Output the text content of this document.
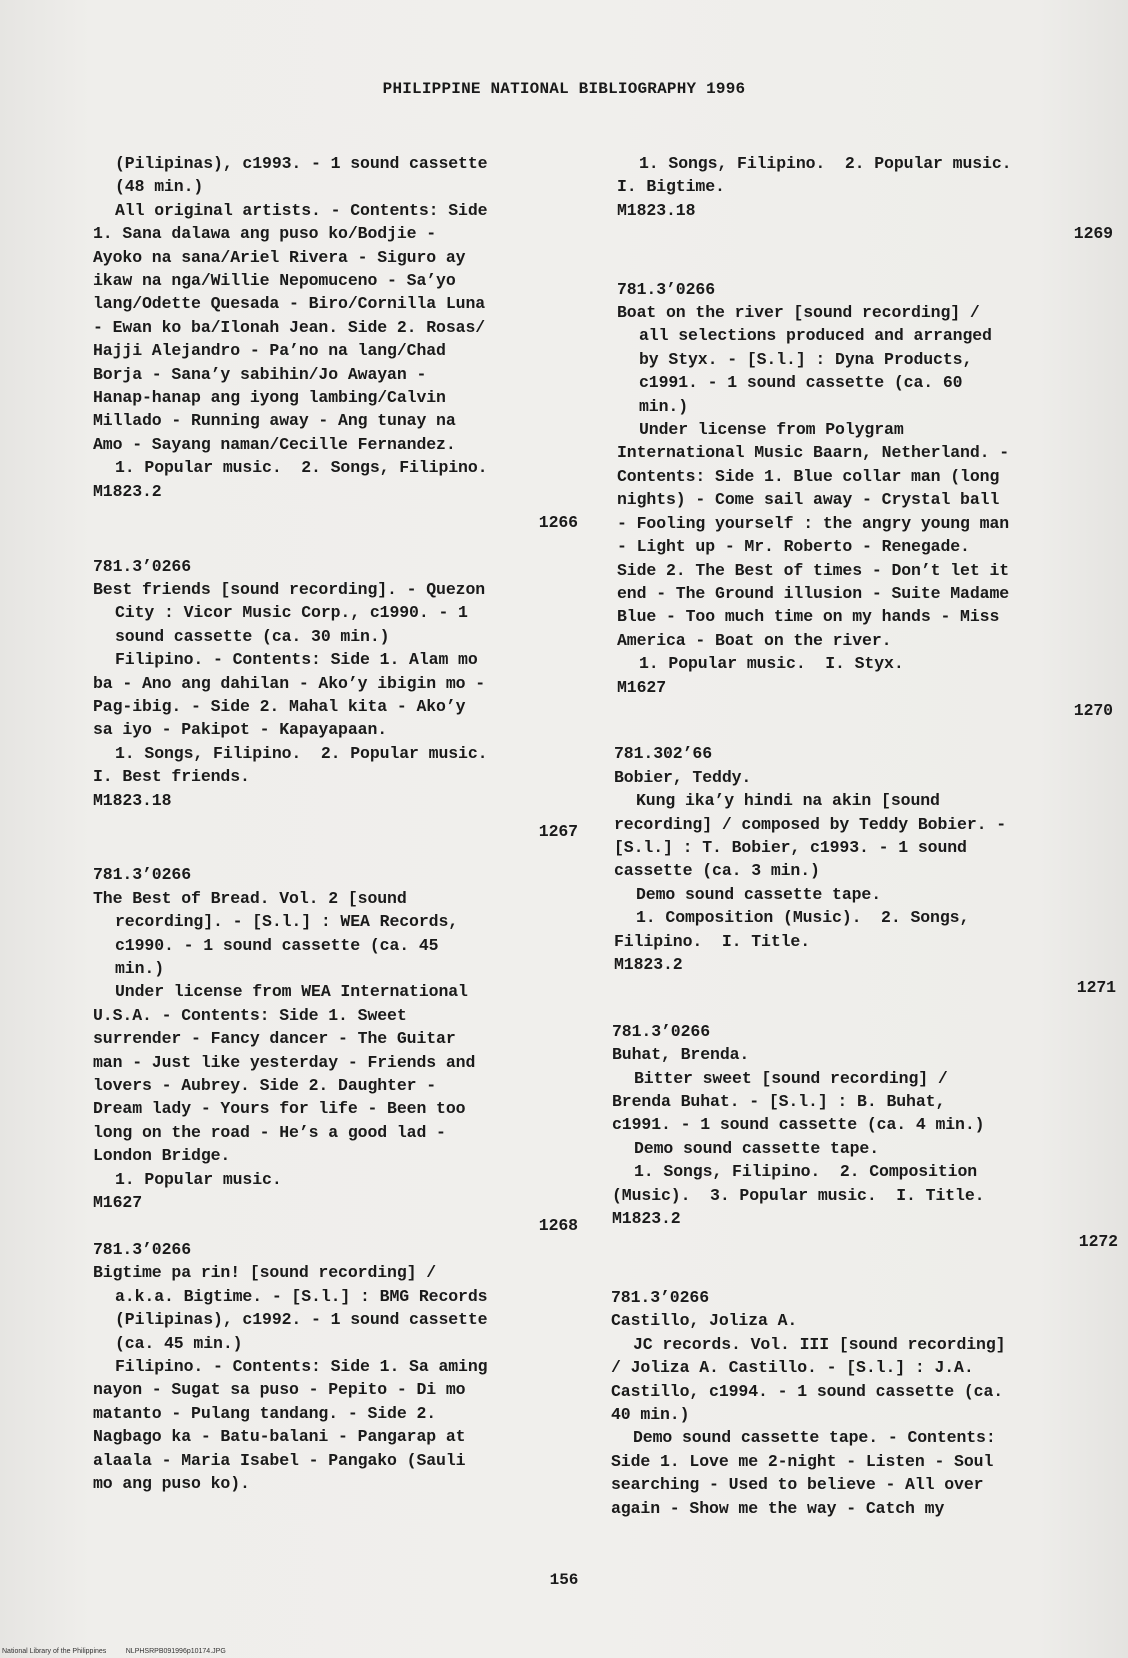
PHILIPPINE NATIONAL BIBLIOGRAPHY 1996
(Pilipinas), c1993. - 1 sound cassette
(48 min.)
All original artists. - Contents: Side
1. Sana dalawa ang puso ko/Bodjie -
Ayoko na sana/Ariel Rivera - Siguro ay
ikaw na nga/Willie Nepomuceno - Sa’yo
lang/Odette Quesada - Biro/Cornilla Luna
- Ewan ko ba/Ilonah Jean. Side 2. Rosas/
Hajji Alejandro - Pa’no na lang/Chad
Borja - Sana’y sabihin/Jo Awayan -
Hanap-hanap ang iyong lambing/Calvin
Millado - Running away - Ang tunay na
Amo - Sayang naman/Cecille Fernandez.
1. Popular music.  2. Songs, Filipino.
M1823.2
1266
781.3’0266
Best friends [sound recording]. - Quezon
City : Vicor Music Corp., c1990. - 1
sound cassette (ca. 30 min.)
Filipino. - Contents: Side 1. Alam mo
ba - Ano ang dahilan - Ako’y ibigin mo -
Pag-ibig. - Side 2. Mahal kita - Ako’y
sa iyo - Pakipot - Kapayapaan.
1. Songs, Filipino.  2. Popular music.
I. Best friends.
M1823.18
1267
781.3’0266
The Best of Bread. Vol. 2 [sound
recording]. - [S.l.] : WEA Records,
c1990. - 1 sound cassette (ca. 45
min.)
Under license from WEA International
U.S.A. - Contents: Side 1. Sweet
surrender - Fancy dancer - The Guitar
man - Just like yesterday - Friends and
lovers - Aubrey. Side 2. Daughter -
Dream lady - Yours for life - Been too
long on the road - He’s a good lad -
London Bridge.
1. Popular music.
M1627
1268
781.3’0266
Bigtime pa rin! [sound recording] /
a.k.a. Bigtime. - [S.l.] : BMG Records
(Pilipinas), c1992. - 1 sound cassette
(ca. 45 min.)
Filipino. - Contents: Side 1. Sa aming
nayon - Sugat sa puso - Pepito - Di mo
matanto - Pulang tandang. - Side 2.
Nagbago ka - Batu-balani - Pangarap at
alaala - Maria Isabel - Pangako (Sauli
mo ang puso ko).
1. Songs, Filipino.  2. Popular music.
I. Bigtime.
M1823.18
1269
781.3’0266
Boat on the river [sound recording] /
all selections produced and arranged
by Styx. - [S.l.] : Dyna Products,
c1991. - 1 sound cassette (ca. 60
min.)
Under license from Polygram
International Music Baarn, Netherland. -
Contents: Side 1. Blue collar man (long
nights) - Come sail away - Crystal ball
- Fooling yourself : the angry young man
- Light up - Mr. Roberto - Renegade.
Side 2. The Best of times - Don’t let it
end - The Ground illusion - Suite Madame
Blue - Too much time on my hands - Miss
America - Boat on the river.
1. Popular music.  I. Styx.
M1627
1270
781.302’66
Bobier, Teddy.
Kung ika’y hindi na akin [sound
recording] / composed by Teddy Bobier. -
[S.l.] : T. Bobier, c1993. - 1 sound
cassette (ca. 3 min.)
Demo sound cassette tape.
1. Composition (Music).  2. Songs,
Filipino.  I. Title.
M1823.2
1271
781.3’0266
Buhat, Brenda.
Bitter sweet [sound recording] /
Brenda Buhat. - [S.l.] : B. Buhat,
c1991. - 1 sound cassette (ca. 4 min.)
Demo sound cassette tape.
1. Songs, Filipino.  2. Composition
(Music).  3. Popular music.  I. Title.
M1823.2
1272
781.3’0266
Castillo, Joliza A.
JC records. Vol. III [sound recording]
/ Joliza A. Castillo. - [S.l.] : J.A.
Castillo, c1994. - 1 sound cassette (ca.
40 min.)
Demo sound cassette tape. - Contents:
Side 1. Love me 2-night - Listen - Soul
searching - Used to believe - All over
again - Show me the way - Catch my
156
National Library of the Philippines	NLPHSRPB091996p10174.JPG
